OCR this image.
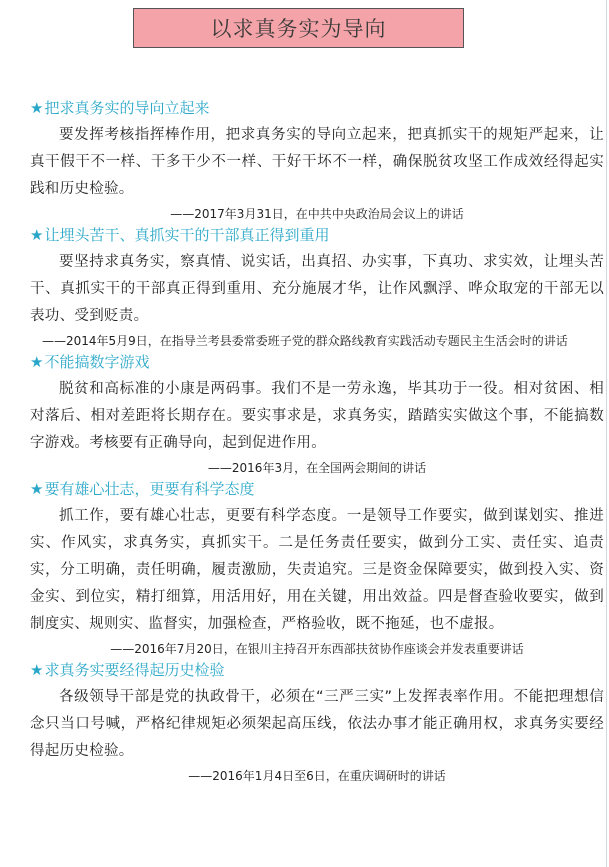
以求真务实为导向
★把求真务实的导向立起来

要发挥考核指挥棒作用，把求真务实的导向立起来，把真抓实干的规矩严起来，让真干假干不一样、干多干少不一样、干好干坏不一样，确保脱贫攻坚工作成效经得起实践和历史检验。

——2017年3月31日，在中共中央政治局会议上的讲话
★让埋头苦干、真抓实干的干部真正得到重用

要坚持求真务实，察真情、说实话，出真招、办实事，下真功、求实效，让埋头苦干、真抓实干的干部真正得到重用、充分施展才华，让作风飘浮、哗众取宠的干部无以表功、受到贬责。

——2014年5月9日，在指导兰考县委常委班子党的群众路线教育实践活动专题民主生活会时的讲话
★不能搞数字游戏

脱贫和高标准的小康是两码事。我们不是一劳永逸，毕其功于一役。相对贫困、相对落后、相对差距将长期存在。要实事求是，求真务实，踏踏实实做这个事，不能搞数字游戏。考核要有正确导向，起到促进作用。

——2016年3月，在全国两会期间的讲话
★要有雄心壮志，更要有科学态度

抓工作，要有雄心壮志，更要有科学态度。一是领导工作要实，做到谋划实、推进实、作风实，求真务实，真抓实干。二是任务责任要实，做到分工实、责任实、追责实，分工明确，责任明确，履责激励，失责追究。三是资金保障要实，做到投入实、资金实、到位实，精打细算，用活用好，用在关键，用出效益。四是督查验收要实，做到制度实、规则实、监督实，加强检查，严格验收，既不拖延，也不虚报。

——2016年7月20日，在银川主持召开东西部扶贫协作座谈会并发表重要讲话
★求真务实要经得起历史检验

各级领导干部是党的执政骨干，必须在“三严三实”上发挥表率作用。不能把理想信念只当口号喊，严格纪律规矩必须架起高压线，依法办事才能正确用权，求真务实要经得起历史检验。

——2016年1月4日至6日，在重庆调研时的讲话
